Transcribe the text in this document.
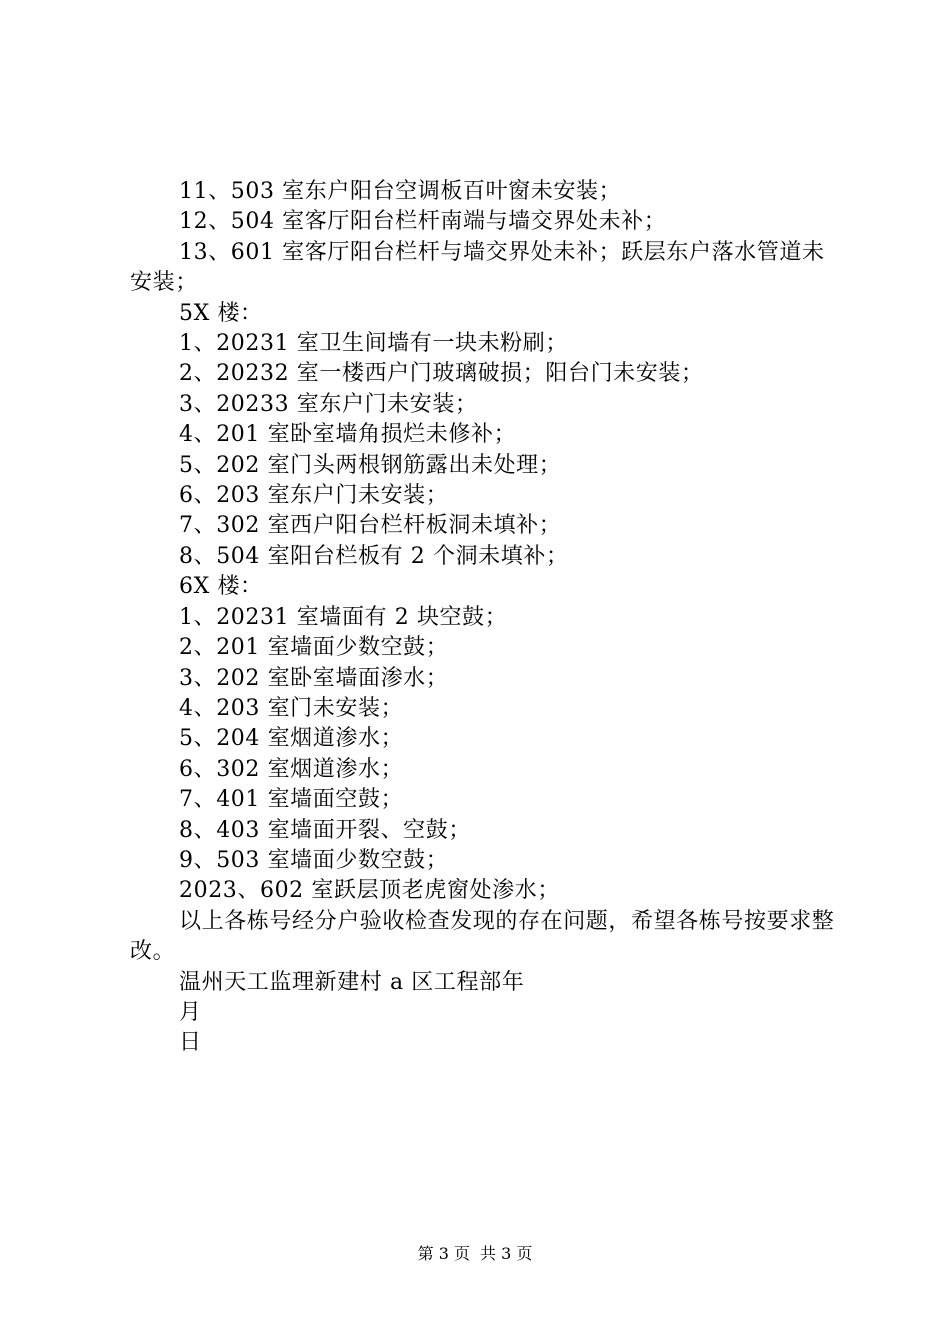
11、503 室东户阳台空调板百叶窗未安装；

12、504 室客厅阳台栏杆南端与墙交界处未补；

13、601 室客厅阳台栏杆与墙交界处未补；跃层东户落水管道未安装；

5X 楼：

1、20231 室卫生间墙有一块未粉刷；

2、20232 室一楼西户门玻璃破损；阳台门未安装；

3、20233 室东户门未安装；

4、201 室卧室墙角损烂未修补；

5、202 室门头两根钢筋露出未处理；

6、203 室东户门未安装；

7、302 室西户阳台栏杆板洞未填补；

8、504 室阳台栏板有 2 个洞未填补；

6X 楼：

1、20231 室墙面有 2 块空鼓；

2、201 室墙面少数空鼓；

3、202 室卧室墙面渗水；

4、203 室门未安装；

5、204 室烟道渗水；

6、302 室烟道渗水；

7、401 室墙面空鼓；

8、403 室墙面开裂、空鼓；

9、503 室墙面少数空鼓；

2023、602 室跃层顶老虎窗处渗水；

以上各栋号经分户验收检查发现的存在问题，希望各栋号按要求整改。

温州天工监理新建村 a 区工程部年

月

日

第 3 页 共 3 页
